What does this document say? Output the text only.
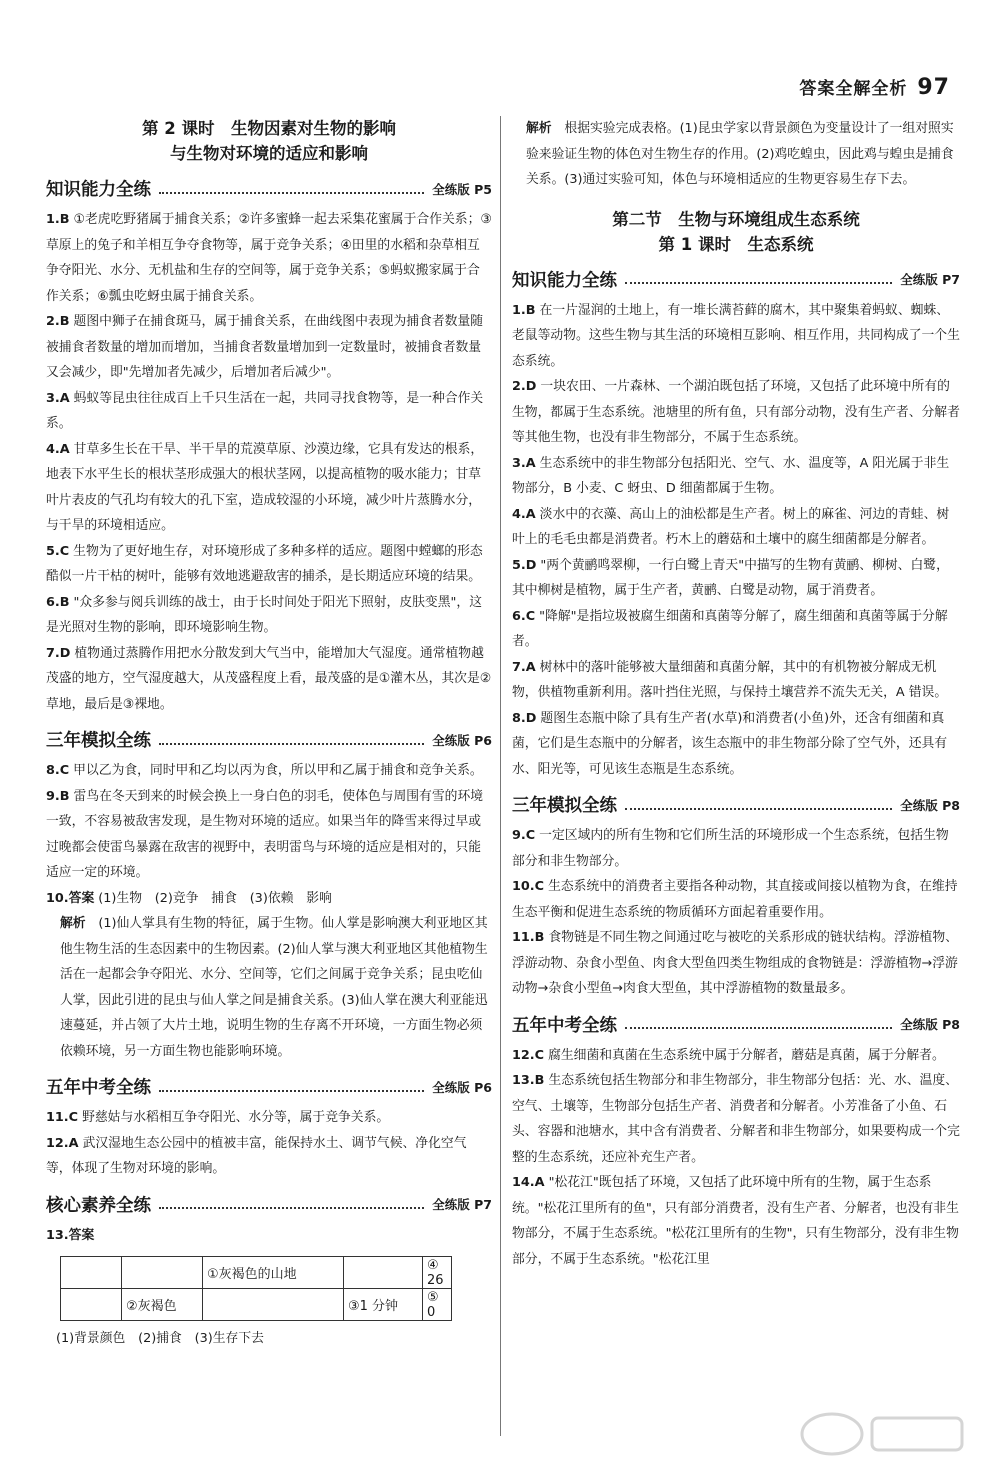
答案全解全析 97
第 2 课时　生物因素对生物的影响
与生物对环境的适应和影响
知识能力全练	全练版 P5

1.B ①老虎吃野猪属于捕食关系；②许多蜜蜂一起去采集花蜜属于合作关系；③草原上的兔子和羊相互争夺食物等，属于竞争关系；④田里的水稻和杂草相互争夺阳光、水分、无机盐和生存的空间等，属于竞争关系；⑤蚂蚁搬家属于合作关系；⑥瓢虫吃蚜虫属于捕食关系。

2.B 题图中狮子在捕食斑马，属于捕食关系，在曲线图中表现为捕食者数量随被捕食者数量的增加而增加，当捕食者数量增加到一定数量时，被捕食者数量又会减少，即"先增加者先减少，后增加者后减少"。

3.A 蚂蚁等昆虫往往成百上千只生活在一起，共同寻找食物等，是一种合作关系。

4.A 甘草多生长在干旱、半干旱的荒漠草原、沙漠边缘，它具有发达的根系，地表下水平生长的根状茎形成强大的根状茎网，以提高植物的吸水能力；甘草叶片表皮的气孔均有较大的孔下室，造成较湿的小环境，减少叶片蒸腾水分，与干旱的环境相适应。

5.C 生物为了更好地生存，对环境形成了多种多样的适应。题图中螳螂的形态酷似一片干枯的树叶，能够有效地逃避敌害的捕杀，是长期适应环境的结果。

6.B "众多参与阅兵训练的战士，由于长时间处于阳光下照射，皮肤变黑"，这是光照对生物的影响，即环境影响生物。

7.D 植物通过蒸腾作用把水分散发到大气当中，能增加大气湿度。通常植物越茂盛的地方，空气湿度越大，从茂盛程度上看，最茂盛的是①灌木丛，其次是②草地，最后是③裸地。

三年模拟全练	全练版 P6

8.C 甲以乙为食，同时甲和乙均以丙为食，所以甲和乙属于捕食和竞争关系。

9.B 雷鸟在冬天到来的时候会换上一身白色的羽毛，使体色与周围有雪的环境一致，不容易被敌害发现，是生物对环境的适应。如果当年的降雪来得过早或过晚都会使雷鸟暴露在敌害的视野中，表明雷鸟与环境的适应是相对的，只能适应一定的环境。

10.答案 (1)生物　(2)竞争　捕食　(3)依赖　影响

解析　 (1)仙人掌具有生物的特征，属于生物。仙人掌是影响澳大利亚地区其他生物生活的生态因素中的生物因素。(2)仙人掌与澳大利亚地区其他植物生活在一起都会争夺阳光、水分、空间等，它们之间属于竞争关系；昆虫吃仙人掌，因此引进的昆虫与仙人掌之间是捕食关系。(3)仙人掌在澳大利亚能迅速蔓延，并占领了大片土地，说明生物的生存离不开环境，一方面生物必须依赖环境，另一方面生物也能影响环境。

五年中考全练	全练版 P6

11.C 野慈姑与水稻相互争夺阳光、水分等，属于竞争关系。

12.A 武汉湿地生态公园中的植被丰富，能保持水土、调节气候、净化空气等，体现了生物对环境的影响。

核心素养全练	全练版 P7

13.答案

		①灰褐色的山地		④ 26
	②灰褐色		③1 分钟	⑤ 0
(1)背景颜色　(2)捕食　(3)生存下去

解析　 根据实验完成表格。(1)昆虫学家以背景颜色为变量设计了一组对照实验来验证生物的体色对生物生存的作用。(2)鸡吃蝗虫，因此鸡与蝗虫是捕食关系。(3)通过实验可知，体色与环境相适应的生物更容易生存下去。

第二节　生物与环境组成生态系统
第 1 课时　生态系统
知识能力全练	全练版 P7

1.B 在一片湿润的土地上，有一堆长满苔藓的腐木，其中聚集着蚂蚁、蜘蛛、老鼠等动物。这些生物与其生活的环境相互影响、相互作用，共同构成了一个生态系统。

2.D 一块农田、一片森林、一个湖泊既包括了环境，又包括了此环境中所有的生物，都属于生态系统。池塘里的所有鱼，只有部分动物，没有生产者、分解者等其他生物，也没有非生物部分，不属于生态系统。

3.A 生态系统中的非生物部分包括阳光、空气、水、温度等，A 阳光属于非生物部分，B 小麦、C 蚜虫、D 细菌都属于生物。

4.A 淡水中的衣藻、高山上的油松都是生产者。树上的麻雀、河边的青蛙、树叶上的毛毛虫都是消费者。朽木上的蘑菇和土壤中的腐生细菌都是分解者。

5.D "两个黄鹂鸣翠柳，一行白鹭上青天"中描写的生物有黄鹂、柳树、白鹭，其中柳树是植物，属于生产者，黄鹂、白鹭是动物，属于消费者。

6.C "降解"是指垃圾被腐生细菌和真菌等分解了，腐生细菌和真菌等属于分解者。

7.A 树林中的落叶能够被大量细菌和真菌分解，其中的有机物被分解成无机物，供植物重新利用。落叶挡住光照，与保持土壤营养不流失无关，A 错误。

8.D 题图生态瓶中除了具有生产者(水草)和消费者(小鱼)外，还含有细菌和真菌，它们是生态瓶中的分解者，该生态瓶中的非生物部分除了空气外，还具有水、阳光等，可见该生态瓶是生态系统。

三年模拟全练	全练版 P8

9.C 一定区域内的所有生物和它们所生活的环境形成一个生态系统，包括生物部分和非生物部分。

10.C 生态系统中的消费者主要指各种动物，其直接或间接以植物为食，在维持生态平衡和促进生态系统的物质循环方面起着重要作用。

11.B 食物链是不同生物之间通过吃与被吃的关系形成的链状结构。浮游植物、浮游动物、杂食小型鱼、肉食大型鱼四类生物组成的食物链是：浮游植物→浮游动物→杂食小型鱼→肉食大型鱼，其中浮游植物的数量最多。

五年中考全练	全练版 P8

12.C 腐生细菌和真菌在生态系统中属于分解者，蘑菇是真菌，属于分解者。

13.B 生态系统包括生物部分和非生物部分，非生物部分包括：光、水、温度、空气、土壤等，生物部分包括生产者、消费者和分解者。小芳准备了小鱼、石头、容器和池塘水，其中含有消费者、分解者和非生物部分，如果要构成一个完整的生态系统，还应补充生产者。

14.A "松花江"既包括了环境，又包括了此环境中所有的生物，属于生态系统。"松花江里所有的鱼"，只有部分消费者，没有生产者、分解者，也没有非生物部分，不属于生态系统。"松花江里所有的生物"，只有生物部分，没有非生物部分，不属于生态系统。"松花江里
